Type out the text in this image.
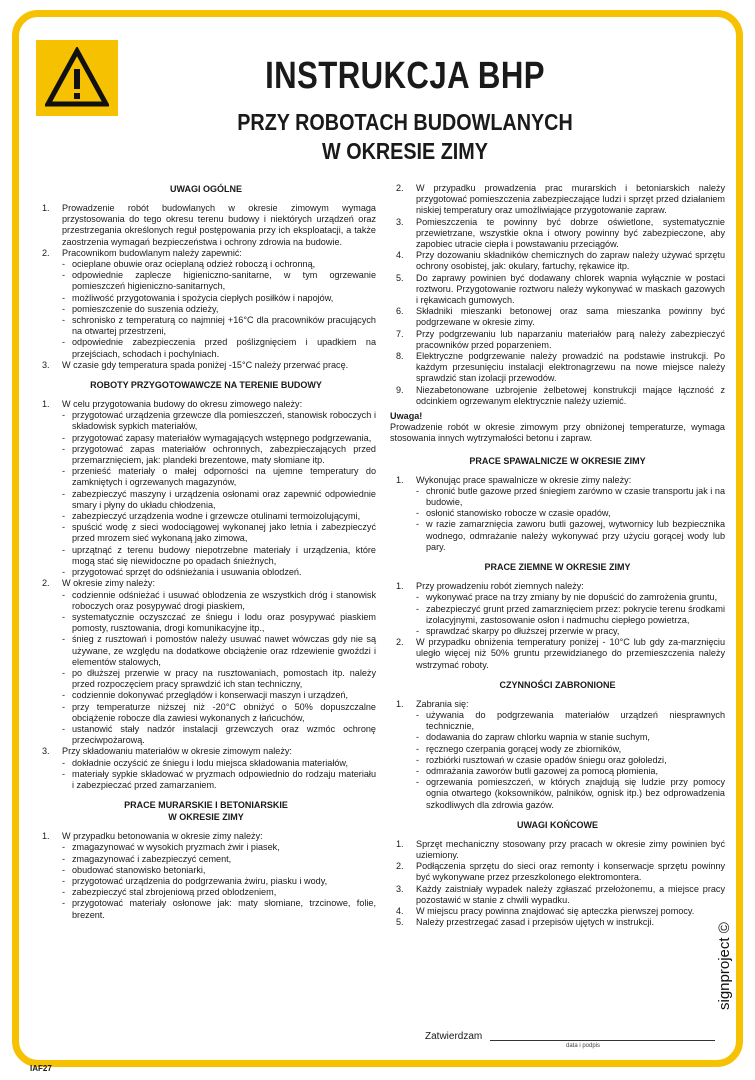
INSTRUKCJA BHP
PRZY ROBOTACH BUDOWLANYCH
W OKRESIE ZIMY
UWAGI OGÓLNE
1.	Prowadzenie robót budowlanych w okresie zimowym wymaga przystosowania do tego okresu terenu budowy i niektórych urządzeń oraz przestrzegania określonych reguł postępowania przy ich eksploatacji, a także zaostrzenia wymagań bezpieczeństwa i ochrony zdrowia na budowie.
2.	Pracownikom budowlanym należy zapewnić:
- ocieplane obuwie oraz ocieplaną odzież roboczą i ochronną,
- odpowiednie zaplecze higieniczno-sanitarne, w tym ogrzewanie pomieszczeń higieniczno-sanitarnych,
- możliwość przygotowania i spożycia ciepłych posiłków i napojów,
- pomieszczenie do suszenia odzieży,
- schronisko z temperaturą co najmniej +16°C dla pracowników pracujących na otwartej przestrzeni,
- odpowiednie zabezpieczenia przed poślizgnięciem i upadkiem na przejściach, schodach i pochylniach.
3.	W czasie gdy temperatura spada poniżej -15°C należy przerwać pracę.
ROBOTY PRZYGOTOWAWCZE NA TERENIE BUDOWY
1.	W celu przygotowania budowy do okresu zimowego należy:
- przygotować urządzenia grzewcze dla pomieszczeń, stanowisk roboczych i składowisk sypkich materiałów,
- przygotować zapasy materiałów wymagających wstępnego podgrzewania,
- przygotować zapas materiałów ochronnych, zabezpieczających przed przemarznięciem, jak: plandeki brezentowe, maty słomiane itp.
- przenieść materiały o małej odporności na ujemne temperatury do zamkniętych i ogrzewanych magazynów,
- zabezpieczyć maszyny i urządzenia osłonami oraz zapewnić odpowiednie smary i płyny do układu chłodzenia,
- zabezpieczyć urządzenia wodne i grzewcze otulinami termoizolującymi,
- spuścić wodę z sieci wodociągowej wykonanej jako letnia i zabezpieczyć przed mrozem sieć wykonaną jako zimowa,
- uprzątnąć z terenu budowy niepotrzebne materiały i urządzenia, które mogą stać się niewidoczne po opadach śnieżnych,
- przygotować sprzęt do odśnieżania i usuwania oblodzeń.
2.	W okresie zimy należy:
- codziennie odśnieżać i usuwać oblodzenia ze wszystkich dróg i stanowisk roboczych oraz posypywać drogi piaskiem,
- systematycznie oczyszczać ze śniegu i lodu oraz posypywać piaskiem pomosty, rusztowania, drogi komunikacyjne itp.,
- śnieg z rusztowań i pomostów należy usuwać nawet wówczas gdy nie są używane, ze względu na dodatkowe obciążenie oraz rdzewienie gwoździ i elementów stalowych,
- po dłuższej przerwie w pracy na rusztowaniach, pomostach itp. należy przed rozpoczęciem pracy sprawdzić ich stan techniczny,
- codziennie dokonywać przeglądów i konserwacji maszyn i urządzeń,
- przy temperaturze niższej niż -20°C obniżyć o 50% dopuszczalne obciążenie robocze dla zawiesi wykonanych z łańcuchów,
- ustanowić stały nadzór instalacji grzewczych oraz wzmóc ochronę przeciwpożarową.
3.	Przy składowaniu materiałów w okresie zimowym należy:
- dokładnie oczyścić ze śniegu i lodu miejsca składowania materiałów,
- materiały sypkie składować w pryzmach odpowiednio do rodzaju materiału i zabezpieczać przed zamarzaniem.
PRACE MURARSKIE I BETONIARSKIE
W OKRESIE ZIMY
1.	W przypadku betonowania w okresie zimy należy:
- zmagazynować w wysokich pryzmach żwir i piasek,
- zmagazynować i zabezpieczyć cement,
- obudować stanowisko betoniarki,
- przygotować urządzenia do podgrzewania żwiru, piasku i wody,
- zabezpieczyć stal zbrojeniową przed oblodzeniem,
- przygotować materiały osłonowe jak: maty słomiane, trzcinowe, folie, brezent.
2.	W przypadku prowadzenia prac murarskich i betoniarskich należy przygotować pomieszczenia zabezpieczające ludzi i sprzęt przed działaniem niskiej temperatury oraz umożliwiające przygotowanie zapraw.
3.	Pomieszczenia te powinny być dobrze oświetlone, systematycznie przewietrzane, wszystkie okna i otwory powinny być zabezpieczone, aby zapobiec utracie ciepła i powstawaniu przeciągów.
4.	Przy dozowaniu składników chemicznych do zapraw należy używać sprzętu ochrony osobistej, jak: okulary, fartuchy, rękawice itp.
5.	Do zaprawy powinien być dodawany chlorek wapnia wyłącznie w postaci roztworu. Przygotowanie roztworu należy wykonywać w maskach gazowych i rękawicach gumowych.
6.	Składniki mieszanki betonowej oraz sama mieszanka powinny być podgrzewane w okresie zimy.
7.	Przy podgrzewaniu lub naparzaniu materiałów parą należy zabezpieczyć pracowników przed poparzeniem.
8.	Elektryczne podgrzewanie należy prowadzić na podstawie instrukcji. Po każdym przesunięciu instalacji elektronagrzewu na nowe miejsce należy sprawdzić stan izolacji przewodów.
9.	Niezabetonowane uzbrojenie żelbetowej konstrukcji mające łączność z odcinkiem ogrzewanym elektrycznie należy uziemić.
Uwaga!
Prowadzenie robót w okresie zimowym przy obniżonej temperaturze, wymaga stosowania innych wytrzymałości betonu i zapraw.
PRACE SPAWALNICZE W OKRESIE ZIMY
1.	Wykonując prace spawalnicze w okresie zimy należy:
- chronić butle gazowe przed śniegiem zarówno w czasie transportu jak i na budowie,
- osłonić stanowisko robocze w czasie opadów,
- w razie zamarznięcia zaworu butli gazowej, wytwornicy lub bezpiecznika wodnego, odmrażanie należy wykonywać przy użyciu gorącej wody lub pary.
PRACE ZIEMNE W OKRESIE ZIMY
1.	Przy prowadzeniu robót ziemnych należy:
- wykonywać prace na trzy zmiany by nie dopuścić do zamrożenia gruntu,
- zabezpieczyć grunt przed zamarznięciem przez: pokrycie terenu środkami izolacyjnymi, zastosowanie osłon i nadmuchu ciepłego powietrza,
- sprawdzać skarpy po dłuższej przerwie w pracy,
2.	W przypadku obniżenia temperatury poniżej - 10°C lub gdy za-marznięciu uległo więcej niż 50% gruntu przewidzianego do przemieszczenia należy wstrzymać roboty.
CZYNNOŚCI ZABRONIONE
1.	Zabrania się:
- używania do podgrzewania materiałów urządzeń niesprawnych technicznie,
- dodawania do zapraw chlorku wapnia w stanie suchym,
- ręcznego czerpania gorącej wody ze zbiorników,
- rozbiórki rusztowań w czasie opadów śniegu oraz gołoledzi,
- odmrażania zaworów butli gazowej za pomocą płomienia,
- ogrzewania pomieszczeń, w których znajdują się ludzie przy pomocy ognia otwartego (koksowników, palników, ognisk itp.) bez odprowadzenia szkodliwych dla zdrowia gazów.
UWAGI KOŃCOWE
1.	Sprzęt mechaniczny stosowany przy pracach w okresie zimy powinien być uziemiony.
2.	Podłączenia sprzętu do sieci oraz remonty i konserwacje sprzętu powinny być wykonywane przez przeszkolonego elektromontera.
3.	Każdy zaistniały wypadek należy zgłaszać przełożonemu, a miejsce pracy pozostawić w stanie z chwili wypadku.
4.	W miejscu pracy powinna znajdować się apteczka pierwszej pomocy.
5.	Należy przestrzegać zasad i przepisów ujętych w instrukcji.
Zatwierdzam
data i podpis
IAF27
signproject ©
